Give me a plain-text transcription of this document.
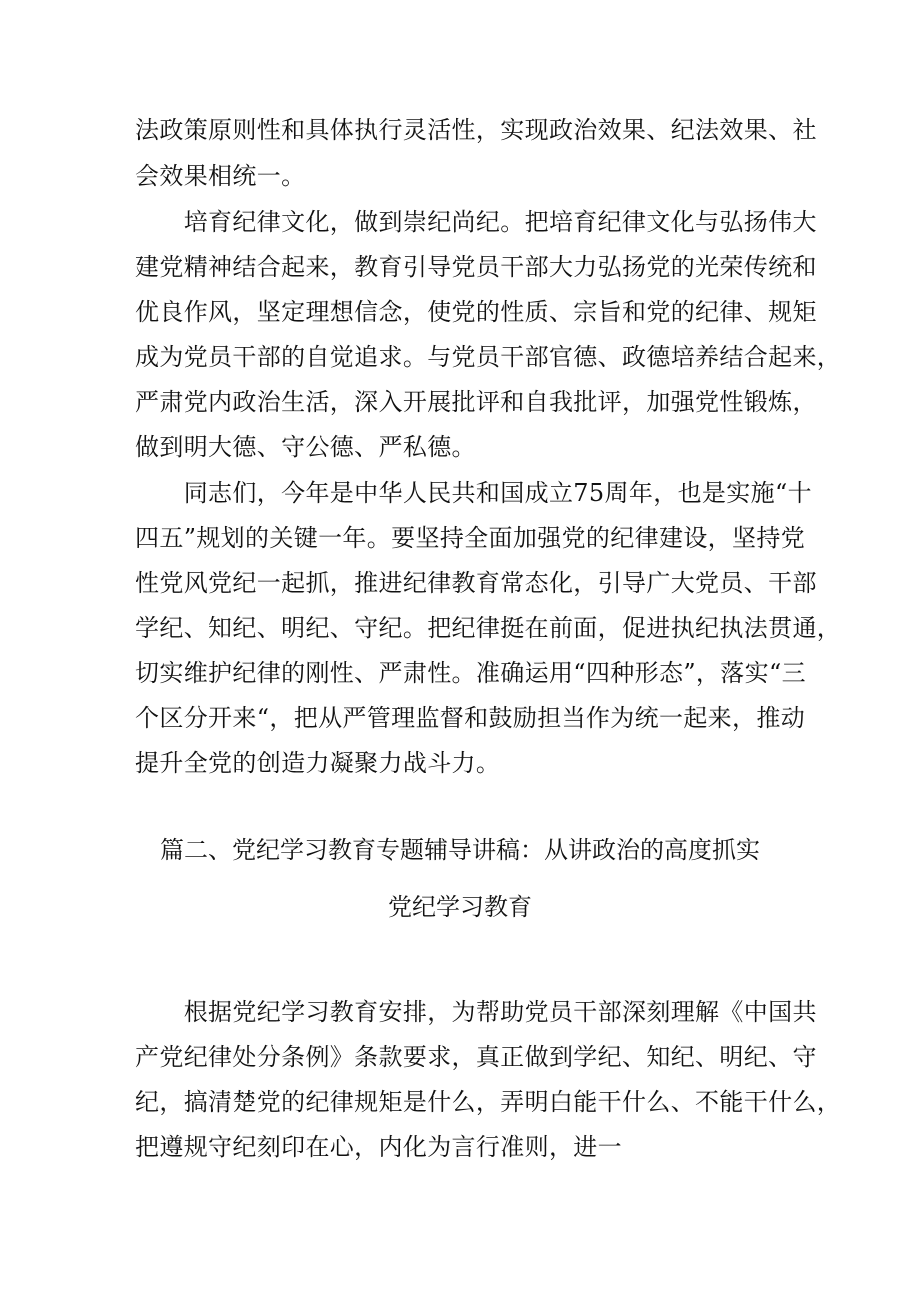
法政策原则性和具体执行灵活性，实现政治效果、纪法效果、社
会效果相统一。
　　培育纪律文化，做到崇纪尚纪。把培育纪律文化与弘扬伟大
建党精神结合起来，教育引导党员干部大力弘扬党的光荣传统和
优良作风，坚定理想信念，使党的性质、宗旨和党的纪律、规矩
成为党员干部的自觉追求。与党员干部官德、政德培养结合起来，
严肃党内政治生活，深入开展批评和自我批评，加强党性锻炼，
做到明大德、守公德、严私德。
　　同志们，今年是中华人民共和国成立75周年，也是实施“十
四五”规划的关键一年。要坚持全面加强党的纪律建设，坚持党
性党风党纪一起抓，推进纪律教育常态化，引导广大党员、干部
学纪、知纪、明纪、守纪。把纪律挺在前面，促进执纪执法贯通，
切实维护纪律的刚性、严肃性。准确运用“四种形态”，落实“三
个区分开来“，把从严管理监督和鼓励担当作为统一起来，推动
提升全党的创造力凝聚力战斗力。
篇二、党纪学习教育专题辅导讲稿：从讲政治的高度抓实
党纪学习教育
　　根据党纪学习教育安排，为帮助党员干部深刻理解《中国共
产党纪律处分条例》条款要求，真正做到学纪、知纪、明纪、守
纪，搞清楚党的纪律规矩是什么，弄明白能干什么、不能干什么，
把遵规守纪刻印在心，内化为言行准则，进一
